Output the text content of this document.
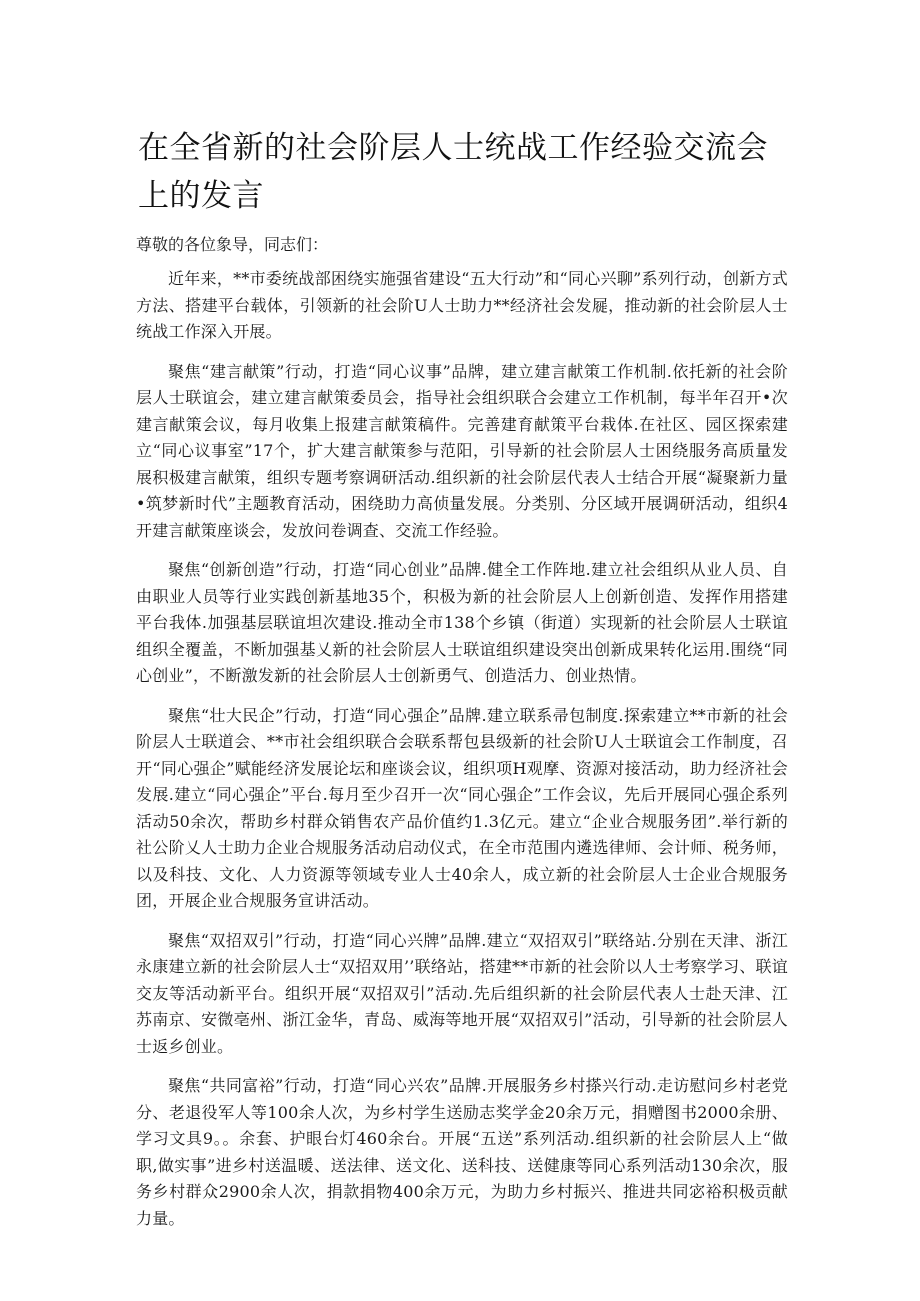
在全省新的社会阶层人士统战工作经验交流会上的发言

尊敬的各位象导，同志们：

近年来，**市委统战部困绕实施强省建设“五大行动”和“同心兴聊”系列行动，创新方式方法、搭建平台载体，引领新的社会阶U人士助力**经济社会发屣，推动新的社会阶层人士统战工作深入开展。

聚焦“建言献策”行动，打造“同心议事”品牌，建立建言献策工作机制.依托新的社会阶层人士联谊会，建立建言献策委员会，指导社会组织联合会建立工作机制，每半年召开•次建言献策会议，每月收集上报建言献策稿件。完善建育献策平台栽体.在社区、园区探索建立“同心议事室”17个，扩大建言献策参与范阳，引导新的社会阶层人士困绕服务高质量发展积极建言献策，组织专题考察调研活动.组织新的社会阶层代表人士结合开展“凝聚新力量•筑梦新时代”主题教育活动，困绕助力高侦量发展。分类别、分区域开展调研活动，组织4开建言献策座谈会，发放问卷调查、交流工作经验。

聚焦“创新创造”行动，打造“同心创业”品牌.健全工作阵地.建立社会组织从业人员、自由职业人员等行业实践创新基地35个，积极为新的社会阶层人上创新创造、发挥作用搭建平台我体.加强基层联谊坦次建设.推动全市138个乡镇（街道）实现新的社会阶层人士联谊组织全覆盖，不断加强基乂新的社会阶层人士联谊组织建设突出创新成果转化运用.围绕“同心创业”，不断激发新的社会阶层人士创新勇气、创造活力、创业热情。

聚焦“壮大民企”行动，打造“同心强企”品牌.建立联系帚包制度.探索建立**市新的社会阶层人士联道会、**市社会组织联合会联系帮包县级新的社会阶U人士联谊会工作制度，召开“同心强企”赋能经济发展论坛和座谈会议，组织项H观摩、资源对接活动，助力经济社会发展.建立“同心强企”平台.每月至少召开一次“同心强企”工作会议，先后开展同心强企系列活动50余次，帮助乡村群众销售农产品价值约1.3亿元。建立“企业合规服务团”.举行新的社公阶乂人士助力企业合规服务活动启动仪式，在全市范围内遴选律师、会计师、税务师，以及科技、文化、人力资源等领域专业人士40余人，成立新的社会阶层人士企业合规服务团，开展企业合规服务宣讲活动。

聚焦“双招双引”行动，打造“同心兴牌”品牌.建立“双招双引”联络站.分别在天津、浙江永康建立新的社会阶层人士“双招双用’’联络站，搭建**市新的社会阶以人士考察学习、联谊交友等活动新平台。组织开展“双招双引”活动.先后组织新的社会阶层代表人士赴天津、江苏南京、安微亳州、浙江金华，青岛、威海等地开展“双招双引”活动，引导新的社会阶层人士返乡创业。

聚焦“共同富裕”行动，打造“同心兴农”品牌.开展服务乡村搽兴行动.走访慰问乡村老党分、老退役军人等100余人次，为乡村学生送励志奖学金20余万元，捐赠图书2000余册、学习文具9。。余套、护眼台灯460余台。开展“五送”系列活动.组织新的社会阶层人上“做职,做实事”进乡村送温暖、送法律、送文化、送科技、送健康等同心系列活动130余次，服务乡村群众2900余人次，捐款捐物400余万元，为助力乡村振兴、推进共同宓裕积极贡献力量。
